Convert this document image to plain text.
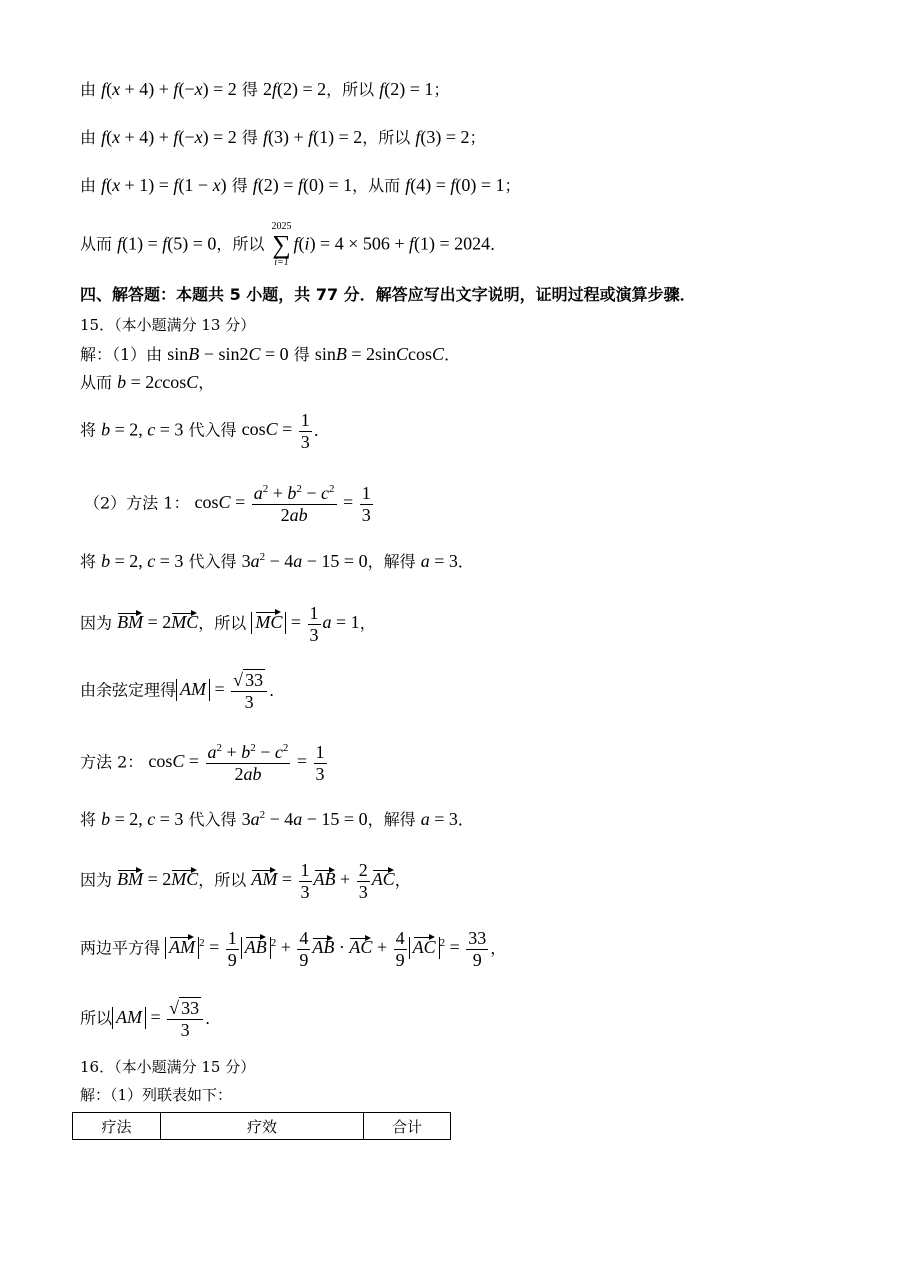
由 f(x + 4) + f(−x) = 2 得 2f(2) = 2，所以 f(2) = 1；
由 f(x + 4) + f(−x) = 2 得 f(3) + f(1) = 2，所以 f(3) = 2；
由 f(x + 1) = f(1 − x) 得 f(2) = f(0) = 1，从而 f(4) = f(0) = 1；
从而 f(1) = f(5) = 0，所以
2025
∑
i=1
f(i) = 4 × 506 + f(1) = 2024．
四、解答题：本题共 5 小题，共 77 分．解答应写出文字说明，证明过程或演算步骤．
15．（本小题满分 13 分）
解：（1）由 sinB − sin2C = 0 得 sinB = 2sinCcosC．
从而 b = 2ccosC，
将 b = 2, c = 3 代入得 $\cos C = \frac{1}{3}$ ．
（2）方法 1： $\cos C = \frac{a^2 + b^2 - c^2}{2ab} = \frac{1}{3}$
将 b = 2, c = 3 代入得 $3a^2 - 4a - 15 = 0$，解得 a = 3．
因为 BM = 2MC，所以 MC = $\frac{1}{3}$ a = 1，
由余弦定理得 AM = $\frac{√ 33}{3}$ ．
方法 2： $\cos C = \frac{a^2 + b^2 - c^2}{2ab} = \frac{1}{3}$
将 b = 2, c = 3 代入得 $3a^2 - 4a - 15 = 0$，解得 a = 3．
因为 BM = 2MC，所以 AM = $\frac{1}{3}$ AB + $\frac{2}{3}$ AC，
两边平方得 AM $^2 = \frac{1}{9}$ AB $^2 + \frac{4}{9}$ AB · AC + $\frac{4}{9}$ AC $^2 = \frac{33}{9}$ ，
所以 AM = $\frac{√ 33}{3}$ ．
16．（本小题满分 15 分）
解：（1）列联表如下：
疗法	疗效	合计
